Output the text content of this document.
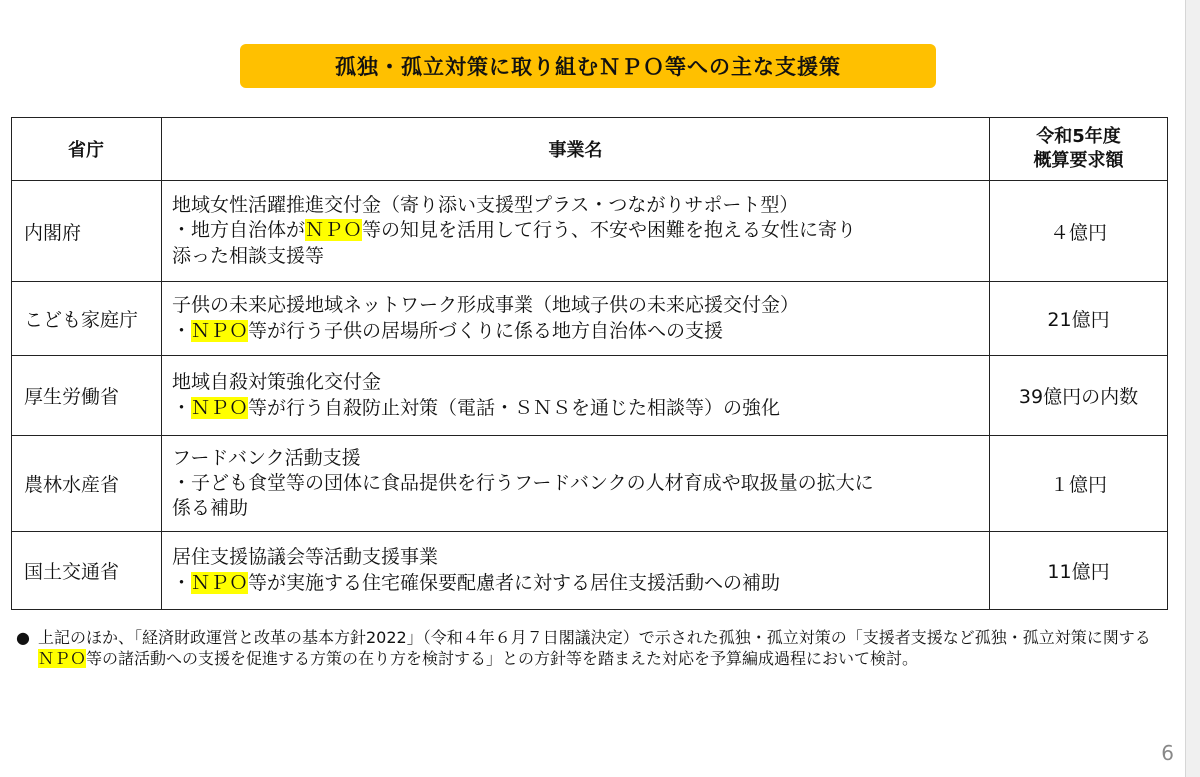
孤独・孤立対策に取り組むＮＰＯ等への主な支援策
省庁	事業名	令和5年度
概算要求額

内閣府	地域女性活躍推進交付金（寄り添い支援型プラス・つながりサポート型）
・地方自治体がＮＰＯ等の知見を活用して行う、不安や困難を抱える女性に寄り
添った相談支援等	４億円
こども家庭庁	子供の未来応援地域ネットワーク形成事業（地域子供の未来応援交付金）
・ＮＰＯ等が行う子供の居場所づくりに係る地方自治体への支援	21億円
厚生労働省	地域自殺対策強化交付金
・ＮＰＯ等が行う自殺防止対策（電話・ＳＮＳを通じた相談等）の強化	39億円の内数
農林水産省	フードバンク活動支援
・子ども食堂等の団体に食品提供を行うフードバンクの人材育成や取扱量の拡大に
係る補助	１億円
国土交通省	居住支援協議会等活動支援事業
・ＮＰＯ等が実施する住宅確保要配慮者に対する居住支援活動への補助	11億円
● 上記のほか、「経済財政運営と改革の基本方針2022」（令和４年６月７日閣議決定）で示された孤独・孤立対策の「支援者支援など孤独・孤立対策に関するＮＰＯ等の諸活動への支援を促進する方策の在り方を検討する」との方針等を踏まえた対応を予算編成過程において検討。
6
